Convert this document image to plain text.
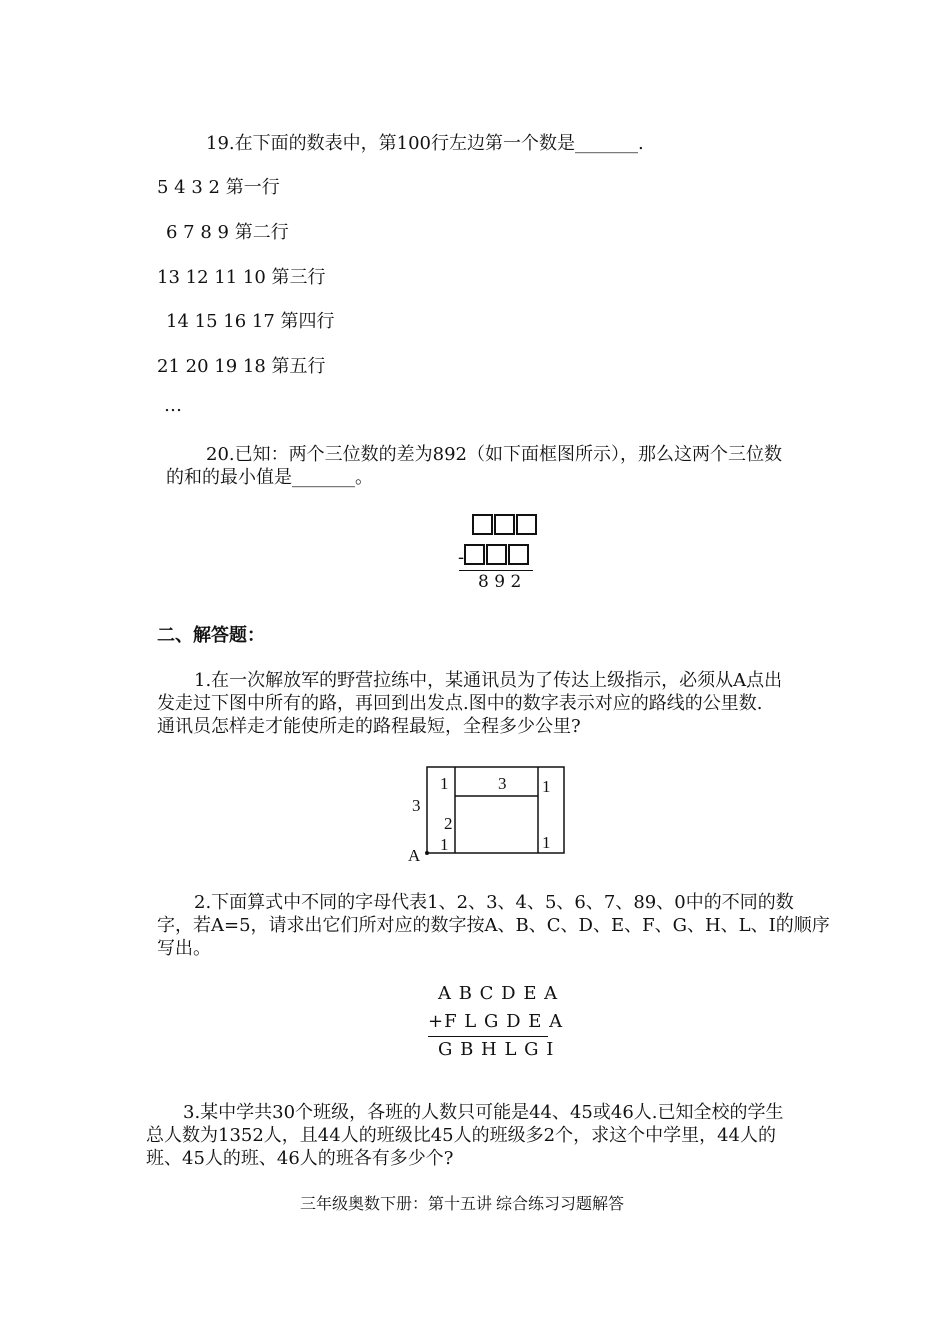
19.在下面的数表中，第100行左边第一个数是_______.
5 4 3 2 第一行
6 7 8 9 第二行
13 12 11 10 第三行
14 15 16 17 第四行
21 20 19 18 第五行
…
20.已知：两个三位数的差为892（如下面框图所示），那么这两个三位数
的和的最小值是_______。
-
8 9 2
二、解答题：
1.在一次解放军的野营拉练中，某通讯员为了传达上级指示，必须从A点出
发走过下图中所有的路，再回到出发点.图中的数字表示对应的路线的公里数.
通讯员怎样走才能使所走的路程最短，全程多少公里?
1	3 1
3
2
1	1
A
2.下面算式中不同的字母代表1、2、3、4、5、6、7、89、0中的不同的数
字，若A=5，请求出它们所对应的数字按A、B、C、D、E、F、G、H、L、I的顺序
写出。
A B C D E A
+F L G D E A
G B H L G I
3.某中学共30个班级，各班的人数只可能是44、45或46人.已知全校的学生
总人数为1352人，且44人的班级比45人的班级多2个，求这个中学里，44人的
班、45人的班、46人的班各有多少个?
三年级奥数下册：第十五讲 综合练习习题解答
